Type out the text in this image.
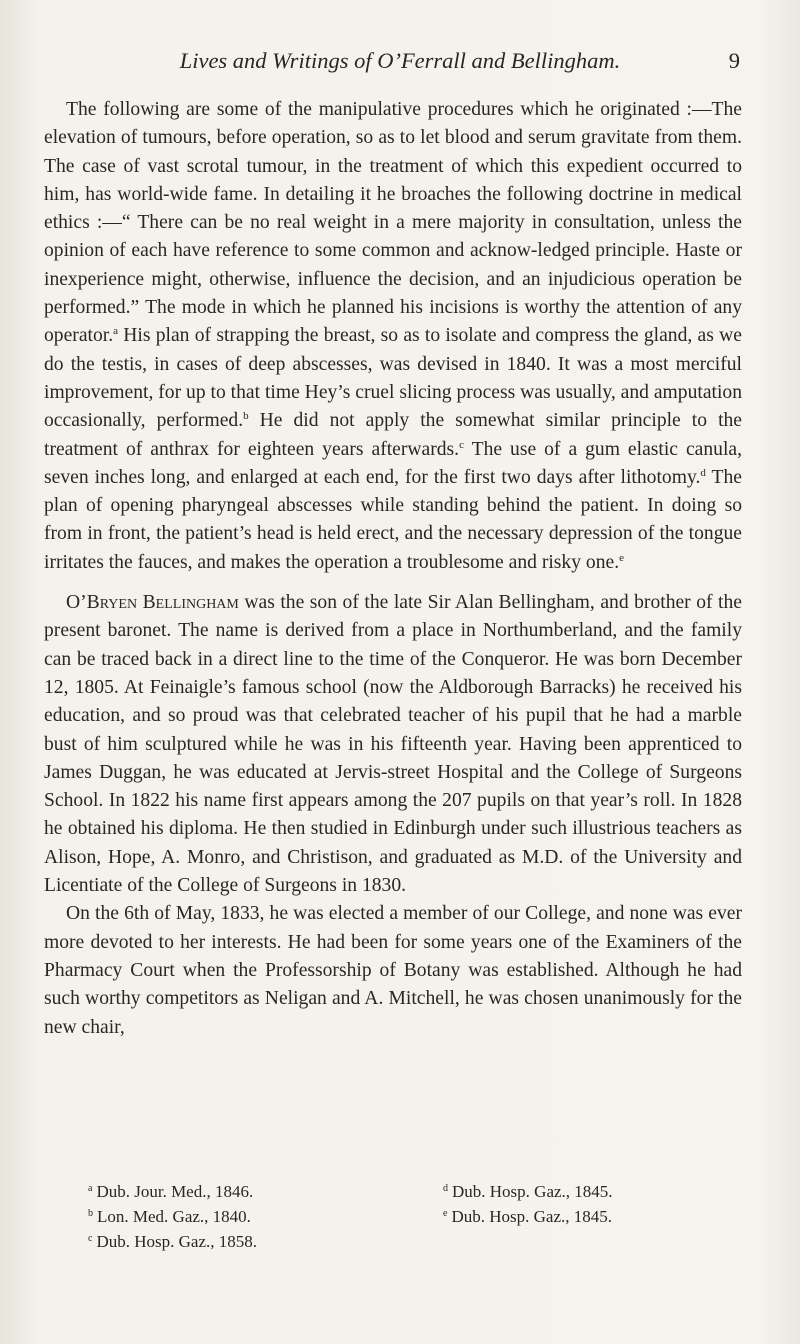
Lives and Writings of O’Ferrall and Bellingham.	9

The following are some of the manipulative procedures which he originated :—The elevation of tumours, before operation, so as to let blood and serum gravitate from them. The case of vast scrotal tumour, in the treatment of which this expedient occurred to him, has world-wide fame. In detailing it he broaches the following doctrine in medical ethics :—“ There can be no real weight in a mere majority in consultation, unless the opinion of each have reference to some common and acknow-ledged principle. Haste or inexperience might, otherwise, influence the decision, and an injudicious operation be performed.” The mode in which he planned his incisions is worthy the attention of any operator.$^a$ His plan of strapping the breast, so as to isolate and compress the gland, as we do the testis, in cases of deep abscesses, was devised in 1840. It was a most merciful improvement, for up to that time Hey’s cruel slicing process was usually, and amputation occasionally, performed.$^b$ He did not apply the somewhat similar principle to the treatment of anthrax for eighteen years afterwards.$^c$ The use of a gum elastic canula, seven inches long, and enlarged at each end, for the first two days after lithotomy.$^d$ The plan of opening pharyngeal abscesses while standing behind the patient. In doing so from in front, the patient’s head is held erect, and the necessary depression of the tongue irritates the fauces, and makes the operation a troublesome and risky one.$^e$

O’Bryen Bellingham was the son of the late Sir Alan Bellingham, and brother of the present baronet. The name is derived from a place in Northumberland, and the family can be traced back in a direct line to the time of the Conqueror. He was born December 12, 1805. At Feinaigle’s famous school (now the Aldborough Barracks) he received his education, and so proud was that celebrated teacher of his pupil that he had a marble bust of him sculptured while he was in his fifteenth year. Having been apprenticed to James Duggan, he was educated at Jervis-street Hospital and the College of Surgeons School. In 1822 his name first appears among the 207 pupils on that year’s roll. In 1828 he obtained his diploma. He then studied in Edinburgh under such illustrious teachers as Alison, Hope, A. Monro, and Christison, and graduated as M.D. of the University and Licentiate of the College of Surgeons in 1830.

On the 6th of May, 1833, he was elected a member of our College, and none was ever more devoted to her interests. He had been for some years one of the Examiners of the Pharmacy Court when the Professorship of Botany was established. Although he had such worthy competitors as Neligan and A. Mitchell, he was chosen unanimously for the new chair,

$^a$ Dub. Jour. Med., 1846.	$^d$ Dub. Hosp. Gaz., 1845.
$^b$ Lon. Med. Gaz., 1840.	$^e$ Dub. Hosp. Gaz., 1845.
$^c$ Dub. Hosp. Gaz., 1858.
